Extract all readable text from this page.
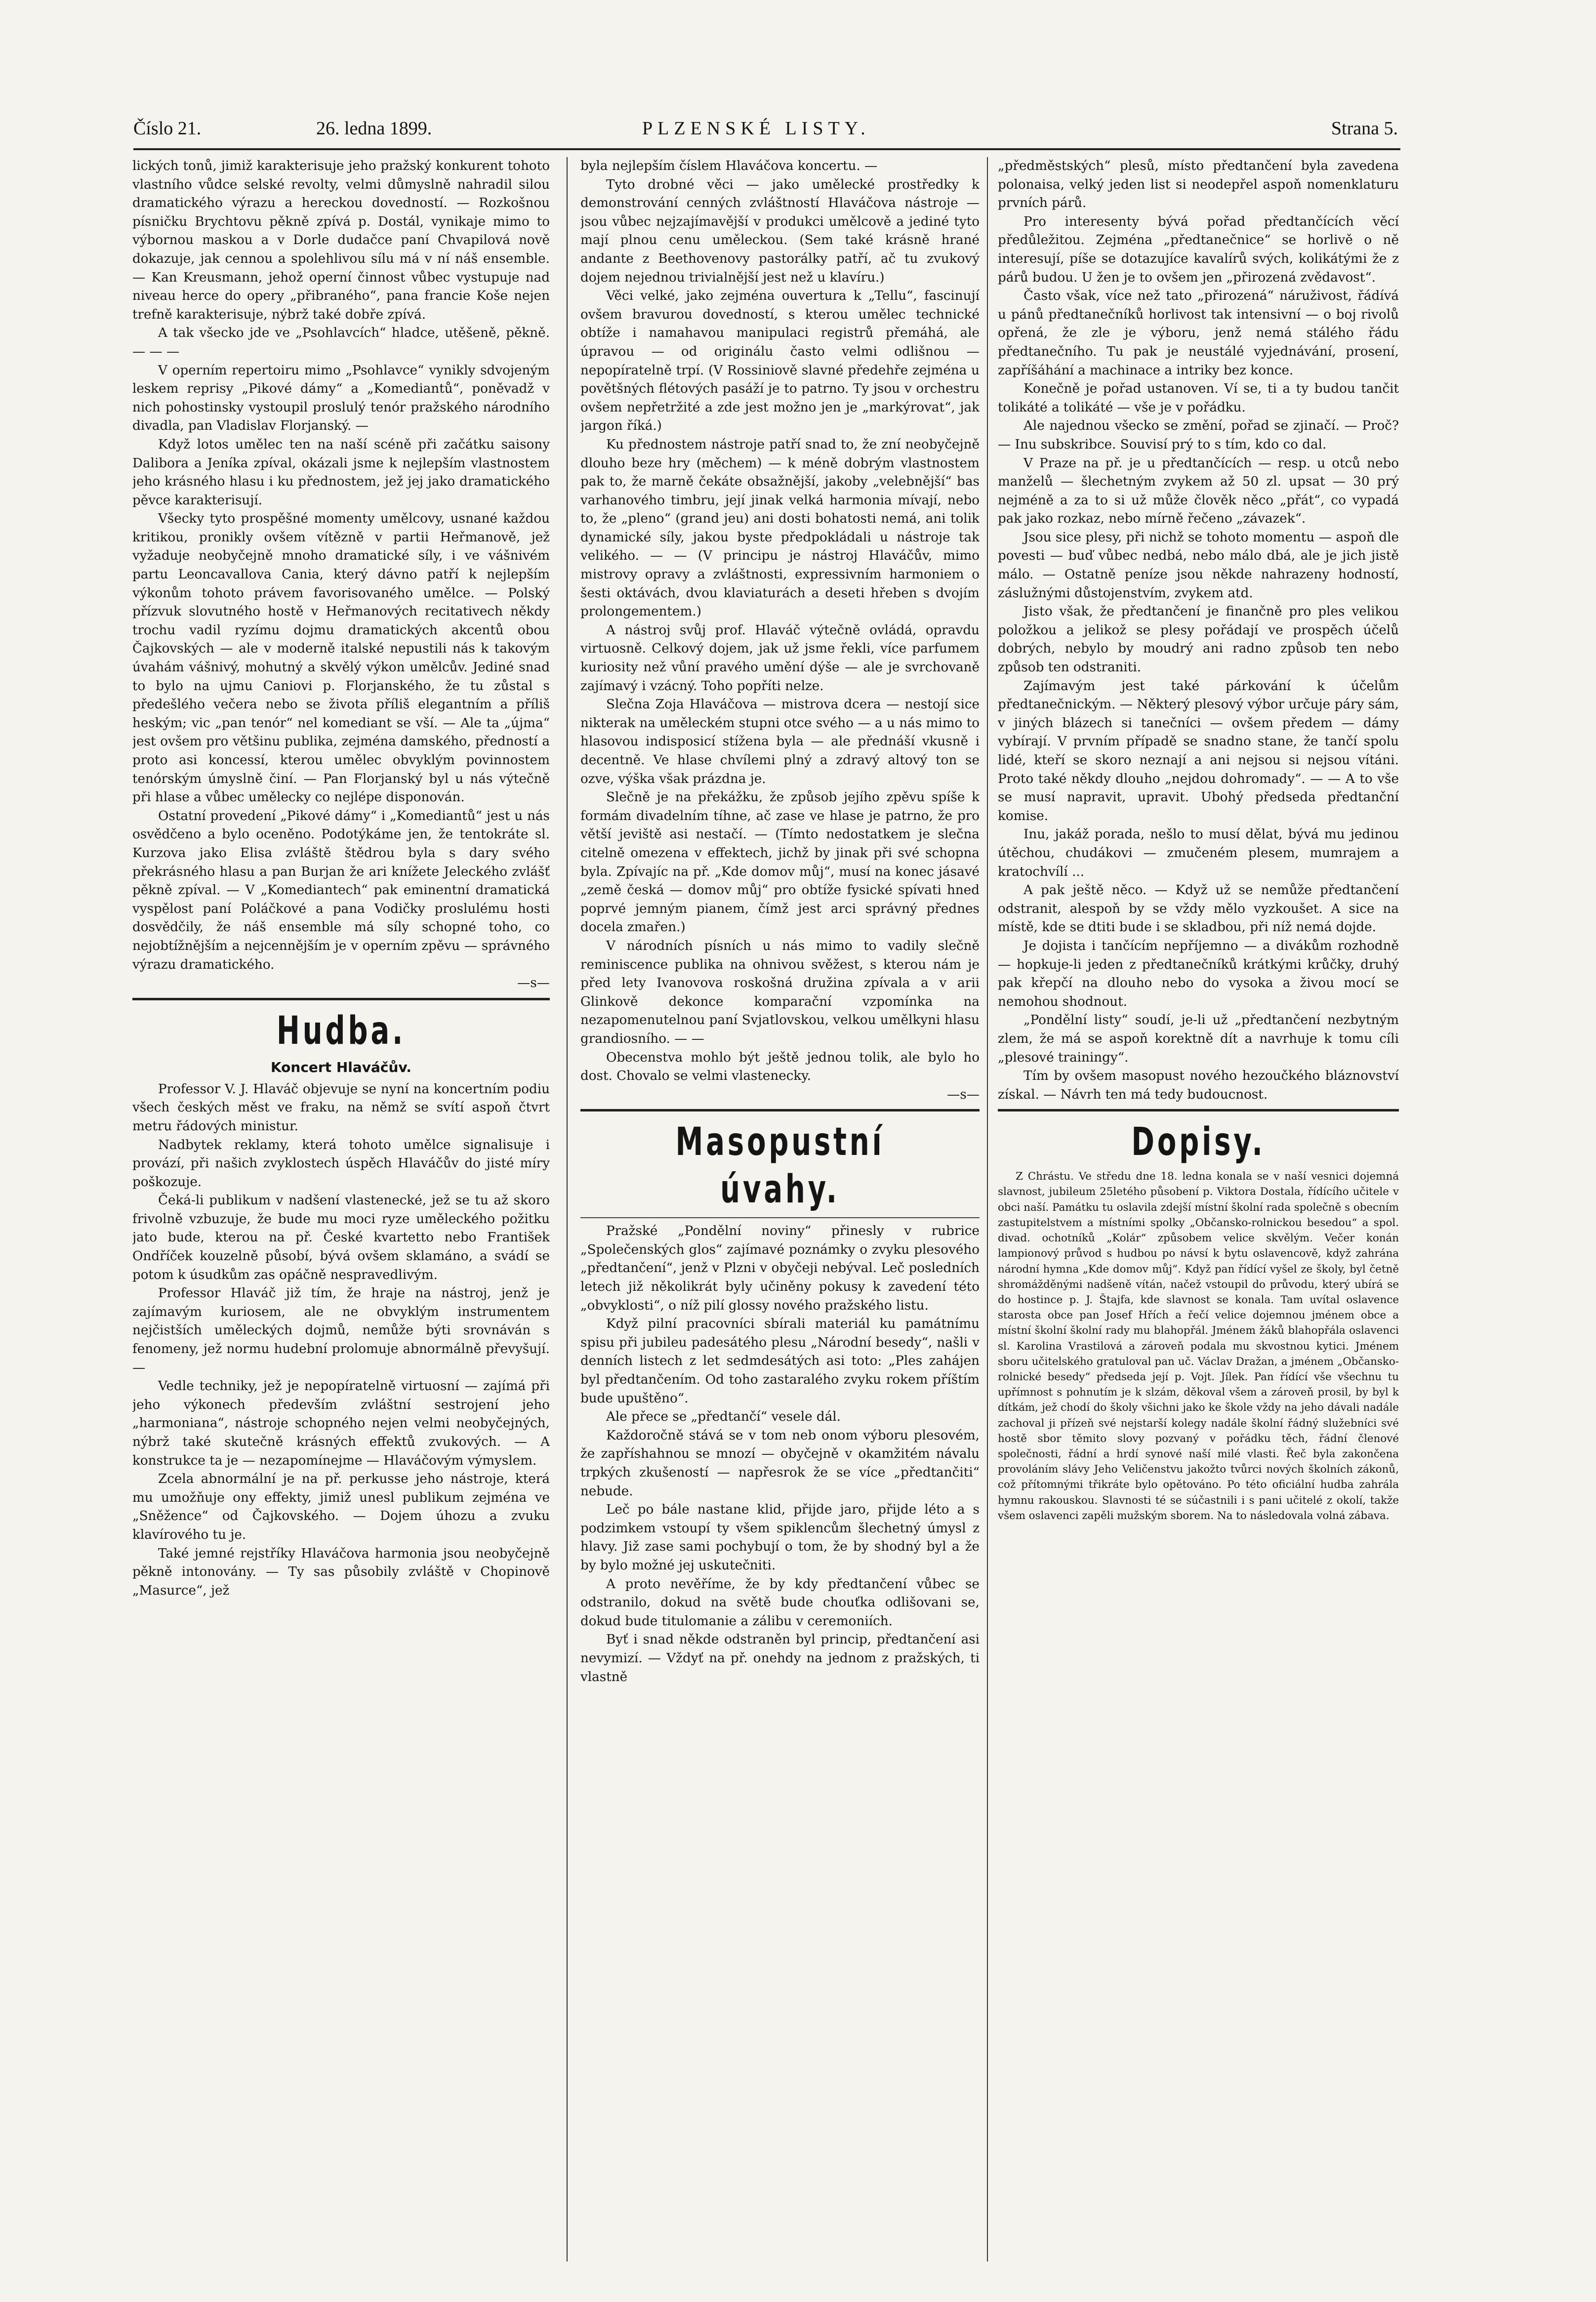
Číslo 21.	26. ledna 1899.	PLZENSKÉ LISTY.	Strana 5.

lických tonů, jimiž karakterisuje jeho pražský konkurent tohoto vlastního vůdce selské revolty, velmi důmyslně nahradil silou dramatického výrazu a hereckou dovedností. — Rozkošnou písničku Brychtovu pěkně zpívá p. Dostál, vynikaje mimo to výbornou maskou a v Dorle dudačce paní Chvapilová nově dokazuje, jak cennou a spolehlivou sílu má v ní náš ensemble. — Kan Kreusmann, jehož operní činnost vůbec vystupuje nad niveau herce do opery „přibraného“, pana francie Koše nejen trefně karakterisuje, nýbrž také dobře zpívá.

A tak všecko jde ve „Psohlavcích“ hladce, utěšeně, pěkně. — — —

V operním repertoiru mimo „Psohlavce“ vynikly sdvojeným leskem reprisy „Pikové dámy“ a „Komediantů“, poněvadž v nich pohostinsky vystoupil proslulý tenór pražského národního divadla, pan Vladislav Florjanský. —

Když lotos umělec ten na naší scéně při začátku saisony Dalibora a Jeníka zpíval, okázali jsme k nejlepším vlastnostem jeho krásného hlasu i ku přednostem, jež jej jako dramatického pěvce karakterisují.

Všecky tyto prospěšné momenty umělcovy, usnané každou kritikou, pronikly ovšem vítězně v partii Heřmanově, jež vyžaduje neobyčejně mnoho dramatické síly, i ve vášnivém partu Leoncavallova Cania, který dávno patří k nejlepším výkonům tohoto právem favorisovaného umělce. — Polský přízvuk slovutného hostě v Heřmanových recitativech někdy trochu vadil ryzímu dojmu dramatických akcentů obou Čajkovských — ale v moderně italské nepustili nás k takovým úvahám vášnivý, mohutný a skvělý výkon umělcův. Jediné snad to bylo na ujmu Caniovi p. Florjanského, že tu zůstal s předešlého večera nebo se života příliš elegantním a příliš heským; vic „pan tenór“ nel komediant se vší. — Ale ta „újma“ jest ovšem pro většinu publika, zejména damského, předností a proto asi koncessí, kterou umělec obvyklým povinnostem tenórským úmyslně činí. — Pan Florjanský byl u nás výtečně při hlase a vůbec umělecky co nejlépe disponován.

Ostatní provedení „Pikové dámy“ i „Komediantů“ jest u nás osvědčeno a bylo oceněno. Podotýkáme jen, že tentokráte sl. Kurzova jako Elisa zvláště štědrou byla s dary svého překrásného hlasu a pan Burjan že ari knížete Jeleckého zvlášť pěkně zpíval. — V „Komediantech“ pak eminentní dramatická vyspělost paní Poláčkové a pana Vodičky proslulému hosti dosvědčily, že náš ensemble má síly schopné toho, co nejobtížnějším a nejcennějším je v operním zpěvu — správného výrazu dramatického.

—s—

Hudba.
Koncert Hlaváčův.

Professor V. J. Hlaváč objevuje se nyní na koncertním podiu všech českých měst ve fraku, na němž se svítí aspoň čtvrt metru řádových ministur.

Nadbytek reklamy, která tohoto umělce signalisuje i provází, při našich zvyklostech úspěch Hlaváčův do jisté míry poškozuje.

Čeká-li publikum v nadšení vlastenecké, jež se tu až skoro frivolně vzbuzuje, že bude mu moci ryze uměleckého požitku jato bude, kterou na př. České kvartetto nebo František Ondříček kouzelně působí, bývá ovšem sklamáno, a svádí se potom k úsudkům zas opáčně nespravedlivým.

Professor Hlaváč již tím, že hraje na nástroj, jenž je zajímavým kuriosem, ale ne obvyklým instrumentem nejčistších uměleckých dojmů, nemůže býti srovnáván s fenomeny, jež normu hudební prolomuje abnormálně převyšují. —

Vedle techniky, jež je nepopíratelně virtuosní — zajímá při jeho výkonech především zvláštní sestrojení jeho „harmoniana“, nástroje schopného nejen velmi neobyčejných, nýbrž také skutečně krásných effektů zvukových. — A konstrukce ta je — nezapomínejme — Hlaváčovým výmyslem.

Zcela abnormální je na př. perkusse jeho nástroje, která mu umožňuje ony effekty, jimiž unesl publikum zejména ve „Sněžence“ od Čajkovského. — Dojem úhozu a zvuku klavírového tu je.

Také jemné rejstříky Hlaváčova harmonia jsou neobyčejně pěkně intonovány. — Ty sas působily zvláště v Chopinově „Masurce“, jež

byla nejlepším číslem Hlaváčova koncertu. —

Tyto drobné věci — jako umělecké prostředky k demonstrování cenných zvláštností Hlaváčova nástroje — jsou vůbec nejzajímavější v produkci umělcově a jediné tyto mají plnou cenu uměleckou. (Sem také krásně hrané andante z Beethovenovy pastorálky patří, ač tu zvukový dojem nejednou trivialnější jest než u klavíru.)

Věci velké, jako zejména ouvertura k „Tellu“, fascinují ovšem bravurou dovedností, s kterou umělec technické obtíže i namahavou manipulaci registrů přemáhá, ale úpravou — od originálu často velmi odlišnou — nepopíratelně trpí. (V Rossiniově slavné předehře zejména u povětšných flétových pasáží je to patrno. Ty jsou v orchestru ovšem nepřetržité a zde jest možno jen je „markýrovat“, jak jargon říká.)

Ku přednostem nástroje patří snad to, že zní neobyčejně dlouho beze hry (měchem) — k méně dobrým vlastnostem pak to, že marně čekáte obsažnější, jakoby „velebnější“ bas varhanového timbru, její jinak velká harmonia mívají, nebo to, že „pleno“ (grand jeu) ani dosti bohatosti nemá, ani tolik dynamické síly, jakou byste předpokládali u nástroje tak velikého. — — (V principu je nástroj Hlaváčův, mimo mistrovy opravy a zvláštnosti, expressivním harmoniem o šesti oktávách, dvou klaviaturách a deseti hřeben s dvojím prolongementem.)

A nástroj svůj prof. Hlaváč výtečně ovládá, opravdu virtuosně. Celkový dojem, jak už jsme řekli, více parfumem kuriosity než vůní pravého umění dýše — ale je svrchovaně zajímavý i vzácný. Toho popříti nelze.

Slečna Zoja Hlaváčova — mistrova dcera — nestojí sice nikterak na uměleckém stupni otce svého — a u nás mimo to hlasovou indisposicí stížena byla — ale přednáší vkusně i decentně. Ve hlase chvílemi plný a zdravý altový ton se ozve, výška však prázdna je.

Slečně je na překážku, že způsob jejího zpěvu spíše k formám divadelním tíhne, ač zase ve hlase je patrno, že pro větší jeviště asi nestačí. — (Tímto nedostatkem je slečna citelně omezena v effektech, jichž by jinak při své schopna byla. Zpívajíc na př. „Kde domov můj“, musí na konec jásavé „země česká — domov můj“ pro obtíže fysické spívati hned poprvé jemným pianem, čímž jest arci správný přednes docela zmařen.)

V národních písních u nás mimo to vadily slečně reminiscence publika na ohnivou svěžest, s kterou nám je před lety Ivanovova roskošná družina zpívala a v arii Glinkově dekonce komparační vzpomínka na nezapomenutelnou paní Svjatlovskou, velkou umělkyni hlasu grandiosního. — —

Obecenstva mohlo být ještě jednou tolik, ale bylo ho dost. Chovalo se velmi vlastenecky.

—s—

Masopustní úvahy.

Pražské „Pondělní noviny“ přinesly v rubrice „Společenských glos“ zajímavé poznámky o zvyku plesového „předtančení“, jenž v Plzni v obyčeji nebýval. Leč posledních letech již několikrát byly učiněny pokusy k zavedení této „obvyklosti“, o níž pilí glossy nového pražského listu.

Když pilní pracovníci sbírali materiál ku památnímu spisu při jubileu padesátého plesu „Národní besedy“, našli v denních listech z let sedmdesátých asi toto: „Ples zahájen byl předtančením. Od toho zastaralého zvyku rokem příštím bude upuštěno“.

Ale přece se „předtančí“ vesele dál.

Každoročně stává se v tom neb onom výboru plesovém, že zapříshahnou se mnozí — obyčejně v okamžitém návalu trpkých zkušeností — napřesrok že se více „předtančiti“ nebude.

Leč po bále nastane klid, přijde jaro, přijde léto a s podzimkem vstoupí ty všem spiklencům šlechetný úmysl z hlavy. Již zase sami pochybují o tom, že by shodný byl a že by bylo možné jej uskutečniti.

A proto nevěříme, že by kdy předtančení vůbec se odstranilo, dokud na světě bude chouťka odlišovani se, dokud bude titulomanie a zálibu v ceremoniích.

Byť i snad někde odstraněn byl princip, předtančení asi nevymizí. — Vždyť na př. onehdy na jednom z pražských, ti vlastně

„předměstských“ plesů, místo předtančení byla zavedena polonaisa, velký jeden list si neodepřel aspoň nomenklaturu prvních párů.

Pro interesenty bývá pořad předtančících věcí předůležitou. Zejména „předtanečnice“ se horlivě o ně interesují, píše se dotazujíce kavalírů svých, kolikátými že z párů budou. U žen je to ovšem jen „přirozená zvědavost“.

Často však, více než tato „přirozená“ náruživost, řádívá u pánů předtanečníků horlivost tak intensivní — o boj rivolů opřená, že zle je výboru, jenž nemá stálého řádu předtanečního. Tu pak je neustálé vyjednávání, prosení, zapříšáhání a machinace a intriky bez konce.

Konečně je pořad ustanoven. Ví se, ti a ty budou tančit tolikáté a tolikáté — vše je v pořádku.

Ale najednou všecko se změní, pořad se zjinačí. — Proč? — Inu subskribce. Souvisí prý to s tím, kdo co dal.

V Praze na př. je u předtančících — resp. u otců nebo manželů — šlechetným zvykem až 50 zl. upsat — 30 prý nejméně a za to si už může člověk něco „přát“, co vypadá pak jako rozkaz, nebo mírně řečeno „závazek“.

Jsou sice plesy, při nichž se tohoto momentu — aspoň dle povesti — buď vůbec nedbá, nebo málo dbá, ale je jich jistě málo. — Ostatně peníze jsou někde nahrazeny hodností, záslužnými důstojenstvím, zvykem atd.

Jisto však, že předtančení je finančně pro ples velikou položkou a jelikož se plesy pořádají ve prospěch účelů dobrých, nebylo by moudrý ani radno způsob ten nebo způsob ten odstraniti.

Zajímavým jest také párkování k účelům předtanečnickým. — Některý plesový výbor určuje páry sám, v jiných blázech si tanečníci — ovšem předem — dámy vybírají. V prvním případě se snadno stane, že tančí spolu lidé, kteří se skoro neznají a ani nejsou si nejsou vítáni. Proto také někdy dlouho „nejdou dohromady“. — — A to vše se musí napravit, upravit. Ubohý předseda předtanční komise.

Inu, jakáž porada, nešlo to musí dělat, bývá mu jedinou útěchou, chudákovi — zmučeném plesem, mumrajem a kratochvílí ...

A pak ještě něco. — Když už se nemůže předtančení odstranit, alespoň by se vždy mělo vyzkoušet. A sice na místě, kde se dtiti bude i se skladbou, při níž nemá dojde.

Je dojista i tančícím nepříjemno — a divákům rozhodně — hopkuje-li jeden z předtanečníků krátkými krůčky, druhý pak křepčí na dlouho nebo do vysoka a živou mocí se nemohou shodnout.

„Pondělní listy“ soudí, je-li už „předtančení nezbytným zlem, že má se aspoň korektně dít a navrhuje k tomu cíli „plesové trainingy“.

Tím by ovšem masopust nového hezoučkého bláznovství získal. — Návrh ten má tedy budoucnost.

Dopisy.

Z Chrástu. Ve středu dne 18. ledna konala se v naší vesnici dojemná slavnost, jubileum 25letého působení p. Viktora Dostala, řídícího učitele v obci naší. Památku tu oslavila zdejší místní školní rada společně s obecním zastupitelstvem a místními spolky „Občansko-rolnickou besedou“ a spol. divad. ochotníků „Kolár“ způsobem velice skvělým. Večer konán lampionový průvod s hudbou po návsí k bytu oslavencově, když zahrána národní hymna „Kde domov můj“. Když pan řídící vyšel ze školy, byl četně shromážděnými nadšeně vítán, načež vstoupil do průvodu, který ubírá se do hostince p. J. Štajfa, kde slavnost se konala. Tam uvítal oslavence starosta obce pan Josef Hřích a řečí velice dojemnou jménem obce a místní školní školní rady mu blahopřál. Jménem žáků blahopřála oslavenci sl. Karolina Vrastilová a zároveň podala mu skvostnou kytici. Jménem sboru učitelského gratuloval pan uč. Václav Dražan, a jménem „Občansko-rolnické besedy“ předseda její p. Vojt. Jílek. Pan řídící vše všechnu tu upřímnost s pohnutím je k slzám, děkoval všem a zároveň prosil, by byl k dítkám, jež chodí do školy všichni jako ke škole vždy na jeho dávali nadále zachoval ji přízeň své nejstarší kolegy nadále školní řádný služebníci své hostě sbor těmito slovy pozvaný v pořádku těch, řádní členové společnosti, řádní a hrdí synové naší milé vlasti. Řeč byla zakončena provoláním slávy Jeho Veličenstvu jakožto tvůrci nových školních zákonů, což přítomnými třikráte bylo opětováno. Po této oficiální hudba zahrála hymnu rakouskou. Slavnosti té se súčastnili i s pani učitelé z okolí, takže všem oslavenci zapěli mužským sborem. Na to následovala volná zábava.
